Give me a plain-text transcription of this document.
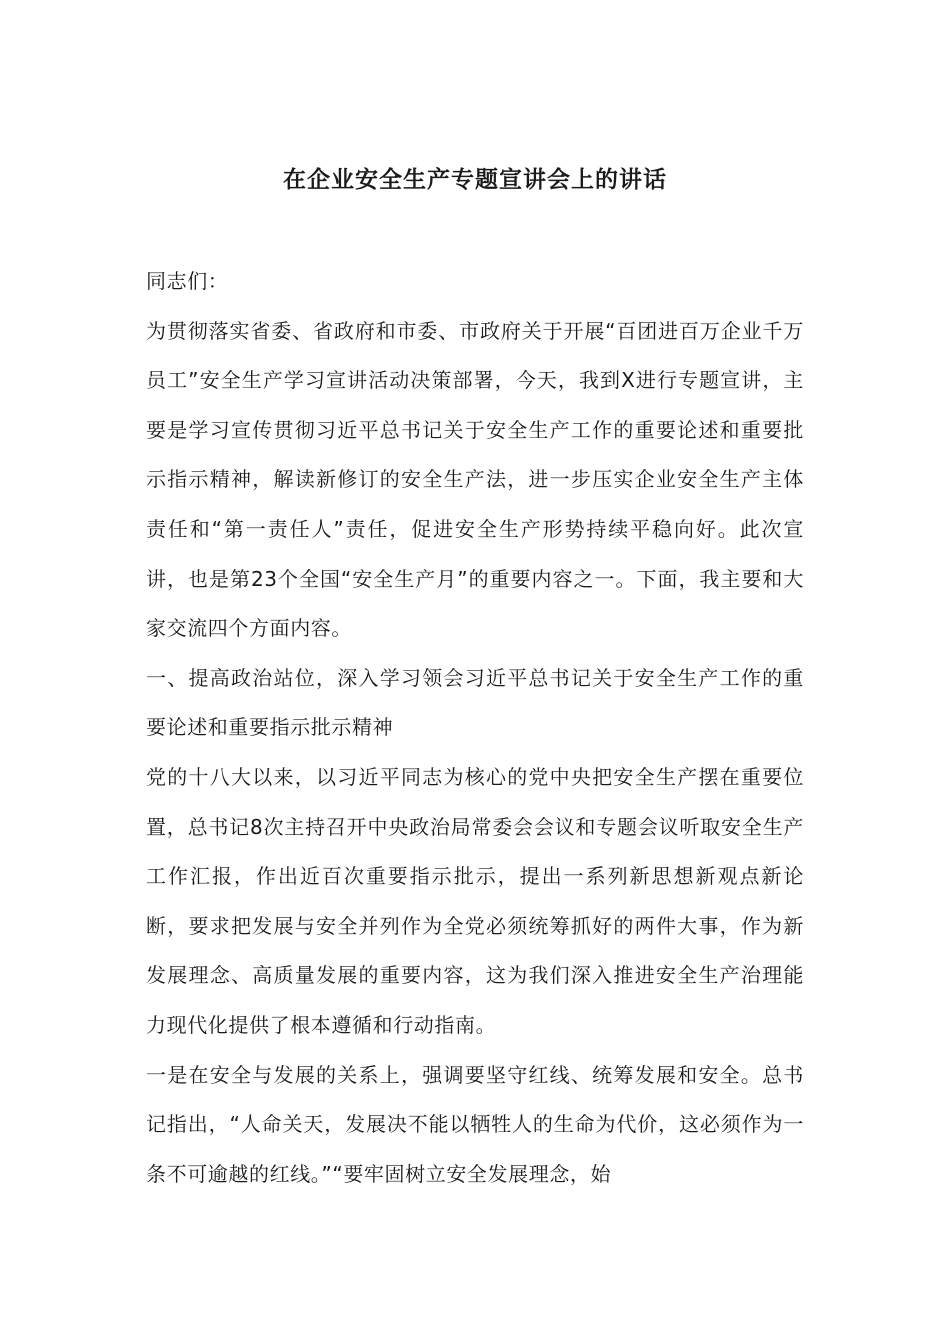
在企业安全生产专题宣讲会上的讲话

同志们：

为贯彻落实省委、省政府和市委、市政府关于开展“百团进百万企业千万员工”安全生产学习宣讲活动决策部署，今天，我到X进行专题宣讲，主要是学习宣传贯彻习近平总书记关于安全生产工作的重要论述和重要批示指示精神，解读新修订的安全生产法，进一步压实企业安全生产主体责任和“第一责任人”责任，促进安全生产形势持续平稳向好。此次宣讲，也是第23个全国“安全生产月”的重要内容之一。下面，我主要和大家交流四个方面内容。

一、提高政治站位，深入学习领会习近平总书记关于安全生产工作的重要论述和重要指示批示精神

党的十八大以来，以习近平同志为核心的党中央把安全生产摆在重要位置，总书记8次主持召开中央政治局常委会会议和专题会议听取安全生产工作汇报，作出近百次重要指示批示，提出一系列新思想新观点新论断，要求把发展与安全并列作为全党必须统筹抓好的两件大事，作为新发展理念、高质量发展的重要内容，这为我们深入推进安全生产治理能力现代化提供了根本遵循和行动指南。

一是在安全与发展的关系上，强调要坚守红线、统筹发展和安全。总书记指出，“人命关天，发展决不能以牺牲人的生命为代价，这必须作为一条不可逾越的红线。”“要牢固树立安全发展理念，始
